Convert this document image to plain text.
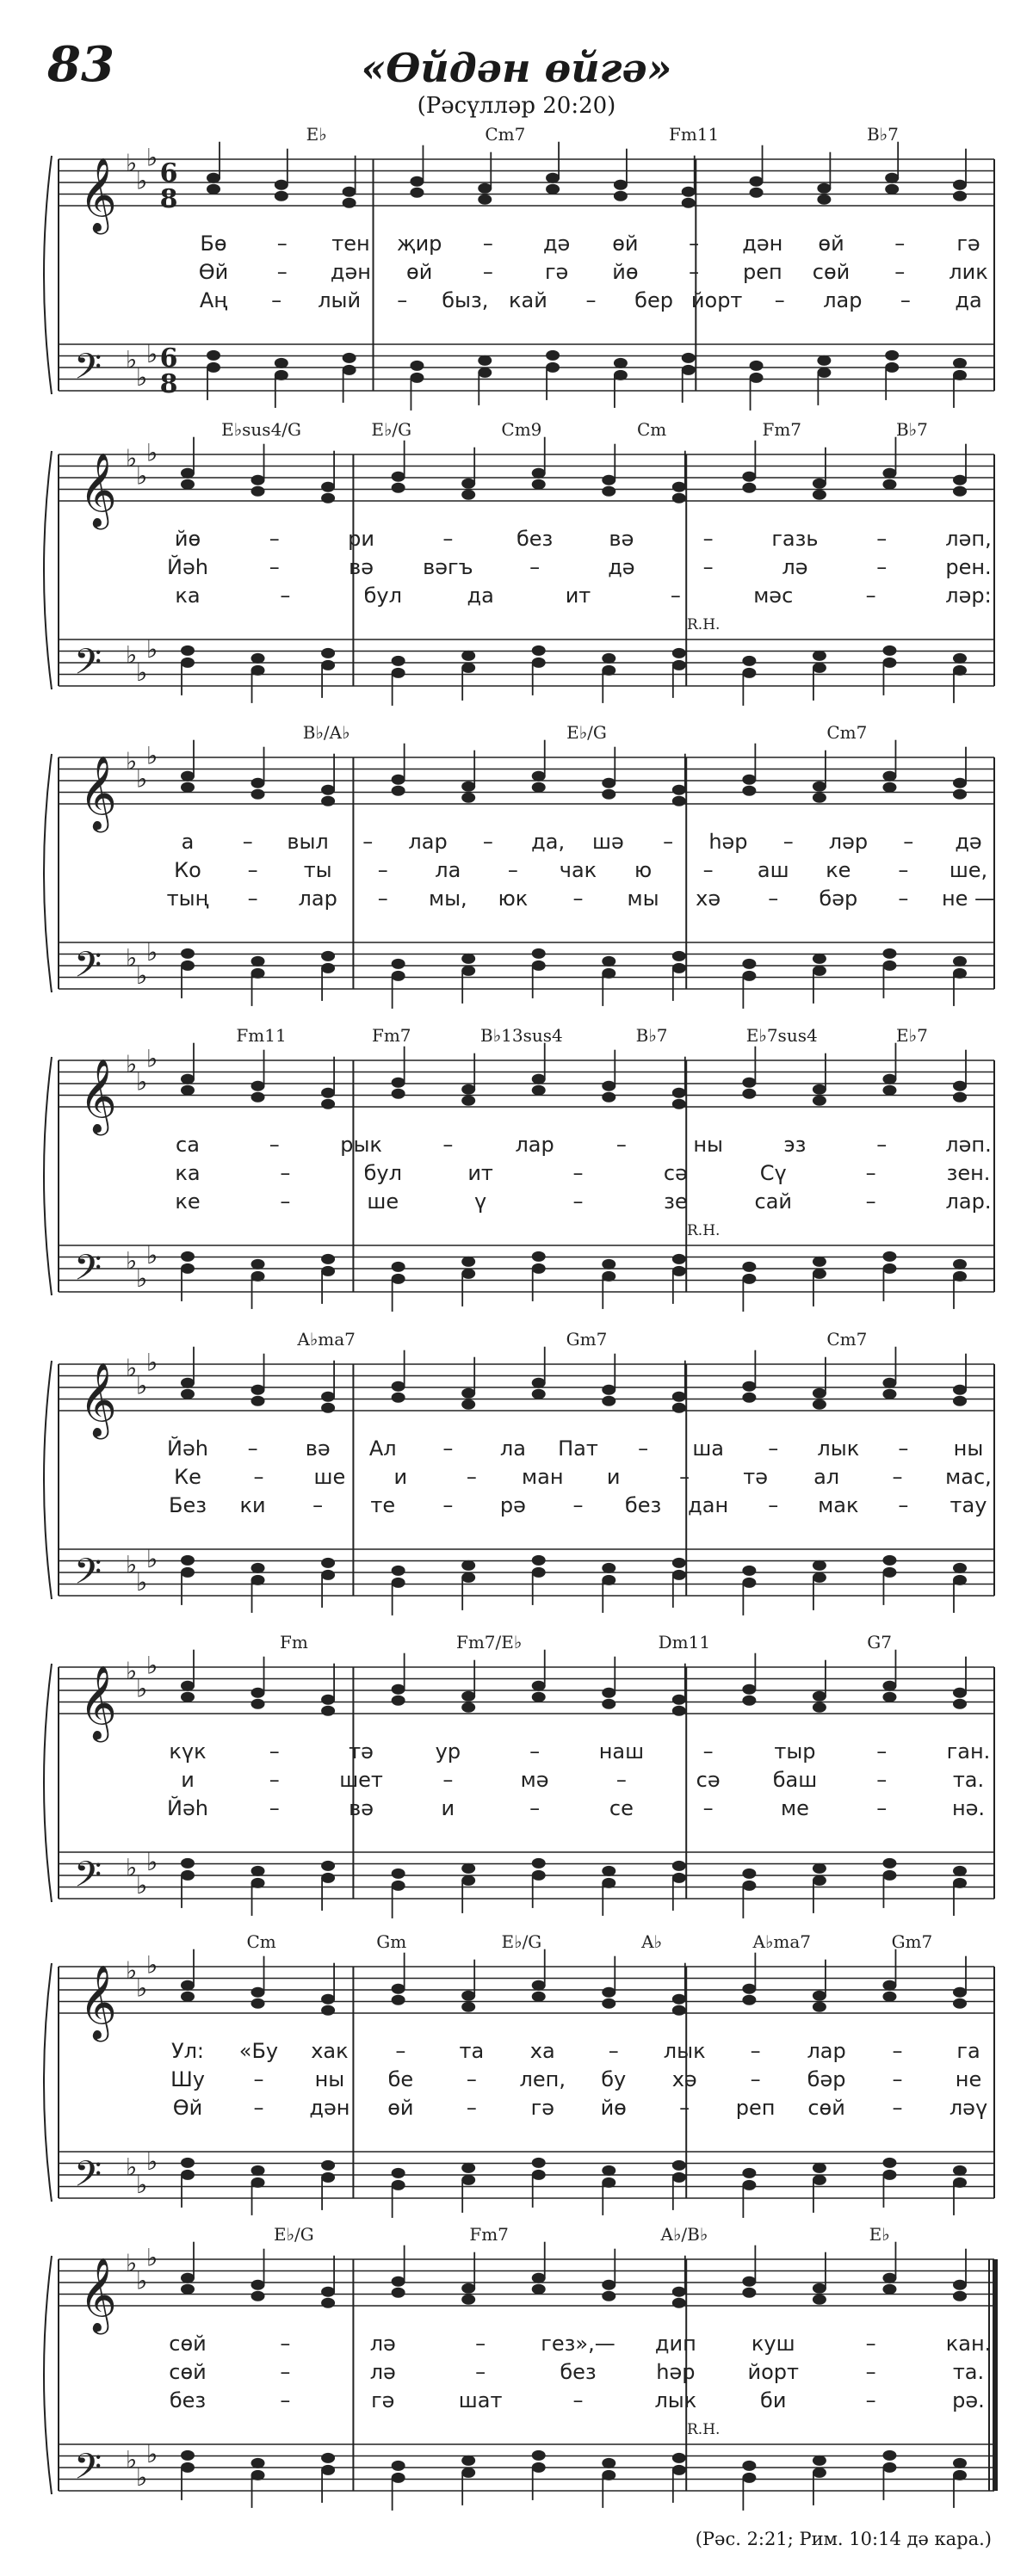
83	«Өйдән өйгә»
(Рәсүлләр 20:20)
𝄞
𝄢
♭
♭
♭
♭
♭
♭
6
8
6
8
E♭	Cm7	Fm11	B♭7
Бө – тен җир – дә өй – дән өй –	гә
Өй – дән өй –	гә йө – реп сөй – лик
Аң – лый – быз, кай – бер йорт – лар – да
𝄞
𝄢
♭
♭
♭
♭
♭
♭
E♭sus4/G	E♭/G	Cm9	Cm	Fm7	B♭7
R.H.
йө	–	ри	–	без	вә	–	газь	–	ләп,
Йәһ	–	вә вәгъ	–	дә	–	лә	–	рен.
ка	–	бул	да	ит	–	мәс	–	ләр:
𝄞
𝄢
♭
♭
♭
♭
♭
♭
B♭/A♭	E♭/G	Cm7
а – выл – лар – да, шә – һәр – ләр – дә
Ко – ты – ла – чак ю – аш ке – ше,
тың – лар – мы, юк – мы хә – бәр – не —
𝄞
𝄢
♭
♭
♭
♭
♭
♭
Fm11	Fm7	B♭13sus4	B♭7	E♭7sus4	E♭7
R.H.
са	–	рык	–	лар	–	ны	эз	–	ләп.
ка	–	бул	ит	–	сә	Сү	–	зен.
ке	–	ше	ү	–	зе	сай	–	лар.
𝄞
𝄢
♭
♭
♭
♭
♭
♭
A♭ma7	Gm7	Cm7
Йәһ – вә Ал – ла Пат – ша – лык – ны
Ке	– ше и	– ман и	–	тә ал	– мас,
Без ки – те – рә – без дан – мак – тау
𝄞
𝄢
♭
♭
♭
♭
♭
♭
Fm	Fm7/E♭	Dm11	G7
күк	–	тә	ур	–	наш	–	тыр	–	ган.
и	–	шет	–	мә	–	сә	баш	–	та.
Йәһ	–	вә	и	–	се	–	ме	–	нә.
𝄞
𝄢
♭
♭
♭
♭
♭
♭
Cm	Gm	E♭/G	A♭	A♭ma7	Gm7
Ул: «Бу хак –	та ха	– лык – лар –	га
Шу – ны бе	– леп, бу хә	– бәр –	не
Өй – дән өй	–	гә йө	– реп сөй – ләү
𝄞
𝄢
♭
♭
♭
♭
♭
♭
E♭/G	Fm7	A♭/B♭	E♭
R.H.
сөй	–	лә	–	гез»,— дип	куш	–	кан.
сөй	–	лә	–	без	һәр	йорт	–	та.
без	–	гә	шат	–	лык	би	–	рә.
(Рәс. 2:21; Рим. 10:14 дә кара.)
